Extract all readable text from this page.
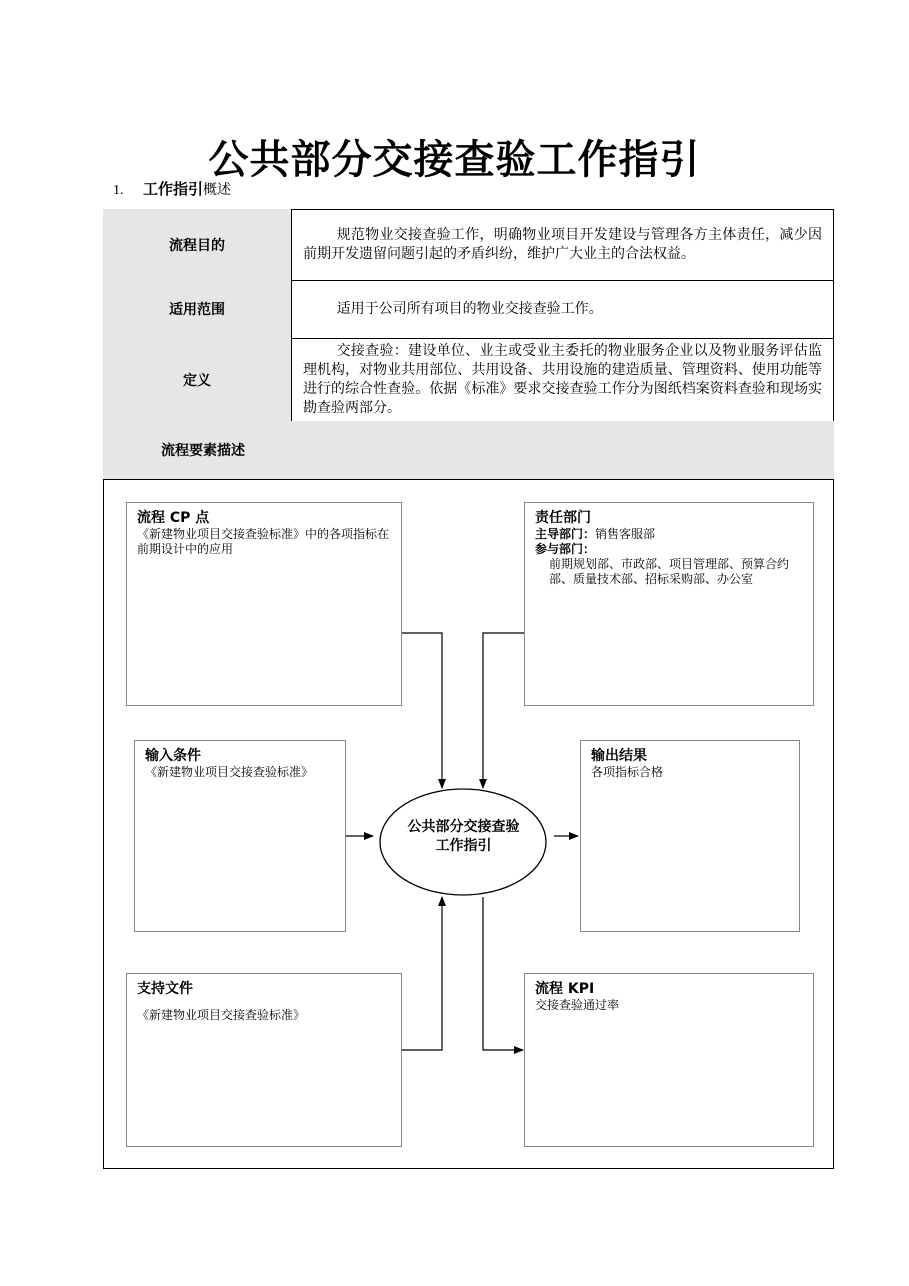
公共部分交接查验工作指引
1. 工作指引概述
流程目的

规范物业交接查验工作，明确物业项目开发建设与管理各方主体责任，减少因前期开发遗留问题引起的矛盾纠纷，维护广大业主的合法权益。

适用范围	适用于公司所有项目的物业交接查验工作。

定义

交接查验：建设单位、业主或受业主委托的物业服务企业以及物业服务评估监理机构，对物业共用部位、共用设备、共用设施的建造质量、管理资料、使用功能等进行的综合性查验。依据《标准》要求交接查验工作分为图纸档案资料查验和现场实勘查验两部分。

流程要素描述
公共部分交接查验
工作指引
流程 CP 点
《新建物业项目交接查验标准》中的各项指标在前期设计中的应用
责任部门
主导部门：销售客服部
参与部门：
前期规划部、市政部、项目管理部、预算合约部、质量技术部、招标采购部、办公室
输入条件
《新建物业项目交接查验标准》
输出结果
各项指标合格
支持文件
《新建物业项目交接查验标准》
流程 KPI
交接查验通过率
